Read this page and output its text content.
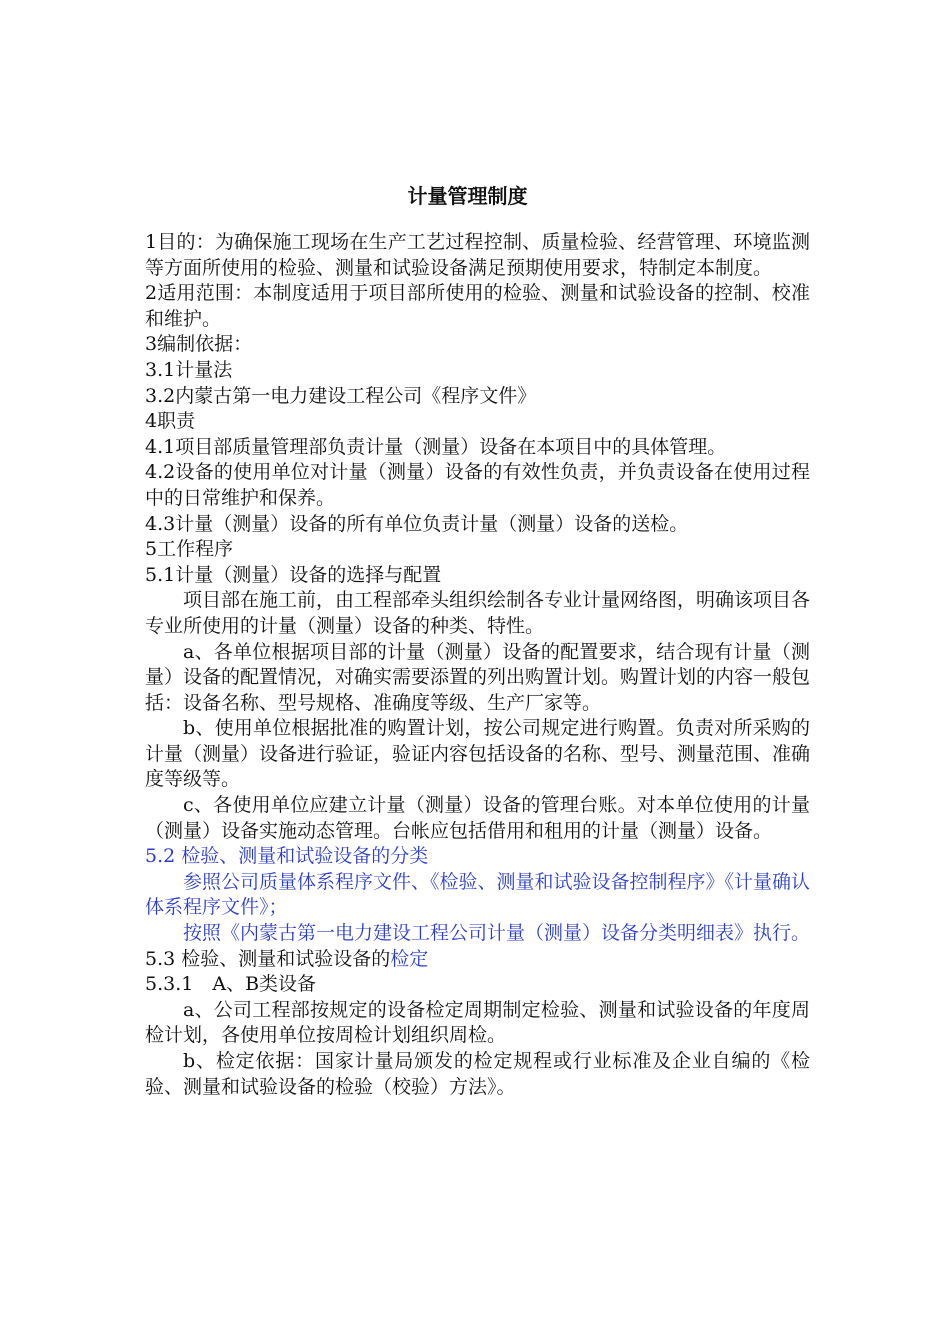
计量管理制度

1目的：为确保施工现场在生产工艺过程控制、质量检验、经营管理、环境监测等方面所使用的检验、测量和试验设备满足预期使用要求，特制定本制度。

2适用范围：本制度适用于项目部所使用的检验、测量和试验设备的控制、校准和维护。

3编制依据：

3.1计量法

3.2内蒙古第一电力建设工程公司《程序文件》

4职责

4.1项目部质量管理部负责计量（测量）设备在本项目中的具体管理。

4.2设备的使用单位对计量（测量）设备的有效性负责，并负责设备在使用过程中的日常维护和保养。

4.3计量（测量）设备的所有单位负责计量（测量）设备的送检。

5工作程序

5.1计量（测量）设备的选择与配置

项目部在施工前，由工程部牵头组织绘制各专业计量网络图，明确该项目各专业所使用的计量（测量）设备的种类、特性。

a、各单位根据项目部的计量（测量）设备的配置要求，结合现有计量（测量）设备的配置情况，对确实需要添置的列出购置计划。购置计划的内容一般包括：设备名称、型号规格、准确度等级、生产厂家等。

b、使用单位根据批准的购置计划，按公司规定进行购置。负责对所采购的计量（测量）设备进行验证，验证内容包括设备的名称、型号、测量范围、准确度等级等。

c、各使用单位应建立计量（测量）设备的管理台账。对本单位使用的计量（测量）设备实施动态管理。台帐应包括借用和租用的计量（测量）设备。

5.2 检验、测量和试验设备的分类

参照公司质量体系程序文件、《检验、测量和试验设备控制程序》《计量确认体系程序文件》；

按照《内蒙古第一电力建设工程公司计量（测量）设备分类明细表》执行。

5.3 检验、测量和试验设备的检定

5.3.1　A、B类设备

a、公司工程部按规定的设备检定周期制定检验、测量和试验设备的年度周检计划，各使用单位按周检计划组织周检。

b、检定依据：国家计量局颁发的检定规程或行业标准及企业自编的《检验、测量和试验设备的检验（校验）方法》。
